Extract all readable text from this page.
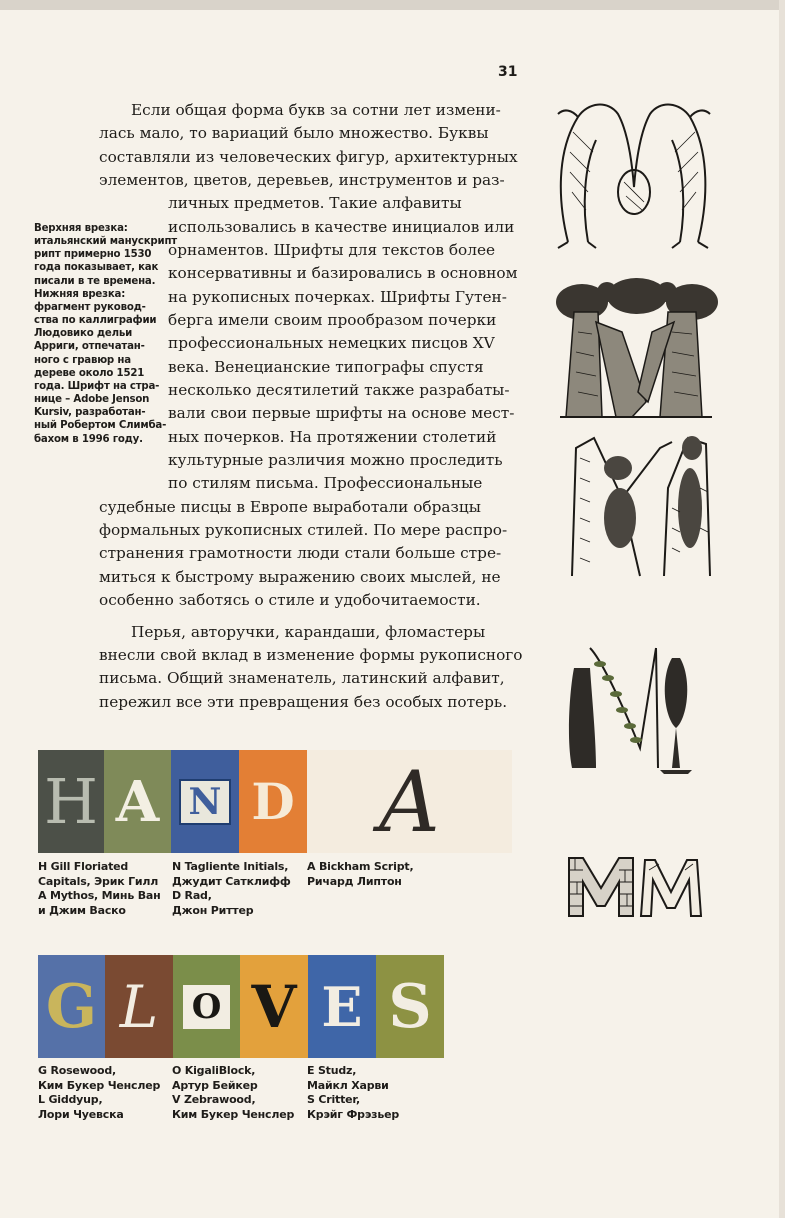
31
Верхняя врезка:
итальянский манускрипт
рипт примерно 1530
года показывает, как
писали в те времена.
Нижняя врезка:
фрагмент руковод-
ства по каллиграфии
Людовико дельи
Арриги, отпечатан-
ного с гравюр на
дереве около 1521
года. Шрифт на стра-
нице – Adobe Jenson
Kursiv, разработан-
ный Робертом Слимба-
бахом в 1996 году.
Если общая форма букв за сотни лет измени-
лась мало, то вариаций было множество. Буквы
составляли из человеческих фигур, архитектурных
элементов, цветов, деревьев, инструментов и раз-
личных предметов. Такие алфавиты
использовались в качестве инициалов или
орнаментов. Шрифты для текстов более
консервативны и базировались в основном
на рукописных почерках. Шрифты Гутен-
берга имели своим прообразом почерки
профессиональных немецких писцов XV
века. Венецианские типографы спустя
несколько десятилетий также разрабаты-
вали свои первые шрифты на основе мест-
ных почерков. На протяжении столетий
культурные различия можно проследить
по стилям письма. Профессиональные
судебные писцы в Европе выработали образцы
формальных рукописных стилей. По мере распро-
странения грамотности люди стали больше стре-
миться к быстрому выражению своих мыслей, не
особенно заботясь о стиле и удобочитаемости.
Перья, авторучки, карандаши, фломастеры
внесли свой вклад в изменение формы рукописного
письма. Общий знаменатель, латинский алфавит,
пережил все эти превращения без особых потерь.
H A N D A
H Gill Floriated
Capitals, Эрик Гилл
A Mythos, Минь Ван
и Джим Васко
N Tagliente Initials,
Джудит Сатклифф
D Rad,
Джон Риттер
A Bickham Script,
Ричард Липтон
G L O V E S
G Rosewood,
Ким Букер Ченслер
L Giddyup,
Лори Чуевска
O KigaliBlock,
Артур Бейкер
V Zebrawood,
Ким Букер Ченслер
E Studz,
Майкл Харви
S Critter,
Крэйг Фрэзьер
